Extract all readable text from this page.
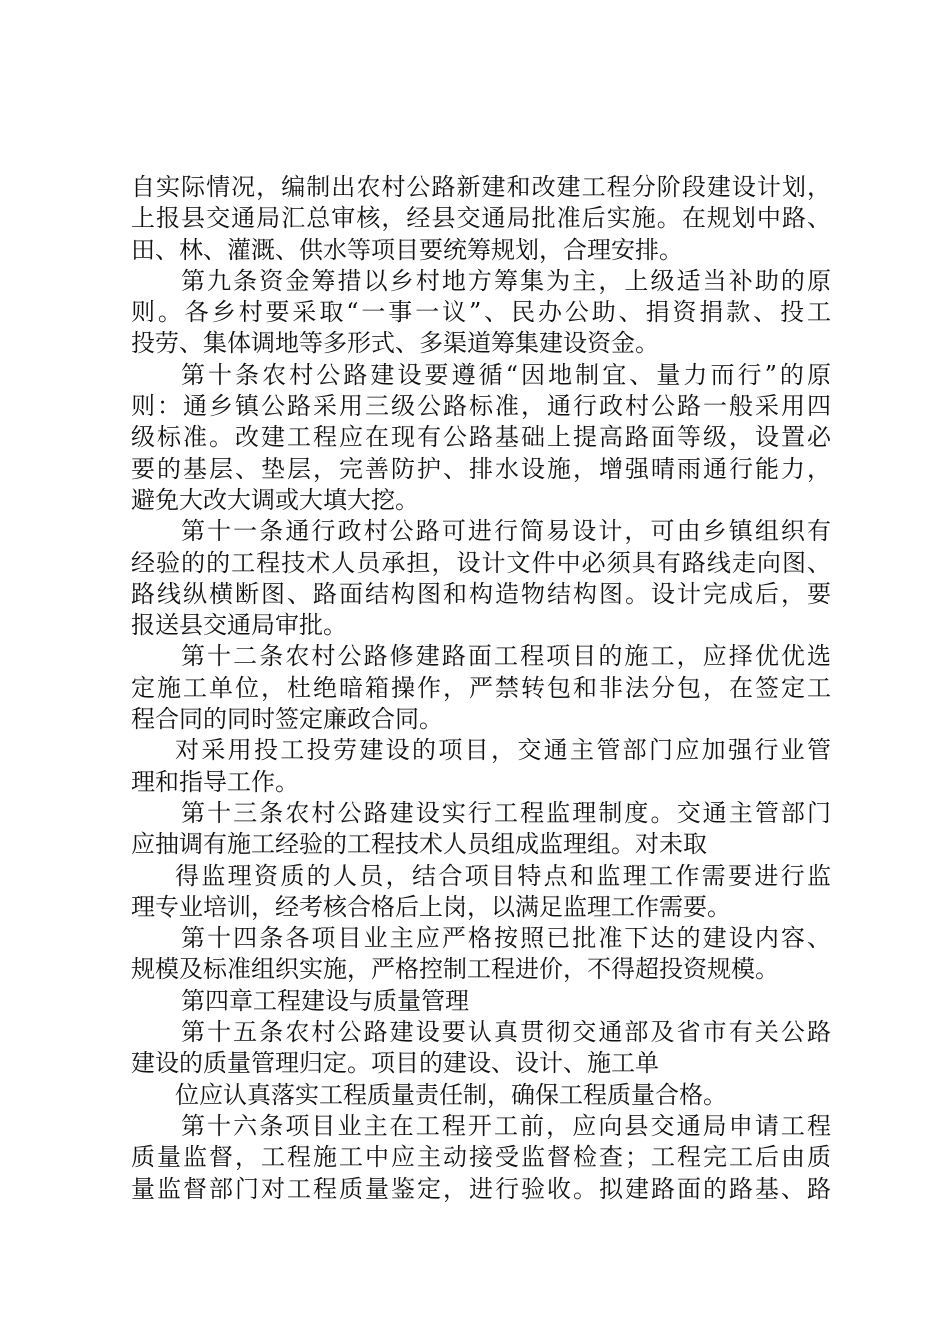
自实际情况，编制出农村公路新建和改建工程分阶段建设计划，
上报县交通局汇总审核，经县交通局批准后实施。在规划中路、
田、林、灌溉、供水等项目要统筹规划，合理安排。
第九条资金筹措以乡村地方筹集为主，上级适当补助的原
则。各乡村要采取“一事一议”、民办公助、捐资捐款、投工
投劳、集体调地等多形式、多渠道筹集建设资金。
第十条农村公路建设要遵循“因地制宜、量力而行”的原
则：通乡镇公路采用三级公路标准，通行政村公路一般采用四
级标准。改建工程应在现有公路基础上提高路面等级，设置必
要的基层、垫层，完善防护、排水设施，增强晴雨通行能力，
避免大改大调或大填大挖。
第十一条通行政村公路可进行简易设计，可由乡镇组织有
经验的的工程技术人员承担，设计文件中必须具有路线走向图、
路线纵横断图、路面结构图和构造物结构图。设计完成后，要
报送县交通局审批。
第十二条农村公路修建路面工程项目的施工，应择优优选
定施工单位，杜绝暗箱操作，严禁转包和非法分包，在签定工
程合同的同时签定廉政合同。
对采用投工投劳建设的项目，交通主管部门应加强行业管
理和指导工作。
第十三条农村公路建设实行工程监理制度。交通主管部门
应抽调有施工经验的工程技术人员组成监理组。对未取
得监理资质的人员，结合项目特点和监理工作需要进行监
理专业培训，经考核合格后上岗，以满足监理工作需要。
第十四条各项目业主应严格按照已批准下达的建设内容、
规模及标准组织实施，严格控制工程进价，不得超投资规模。
第四章工程建设与质量管理
第十五条农村公路建设要认真贯彻交通部及省市有关公路
建设的质量管理归定。项目的建设、设计、施工单
位应认真落实工程质量责任制，确保工程质量合格。
第十六条项目业主在工程开工前，应向县交通局申请工程
质量监督，工程施工中应主动接受监督检查；工程完工后由质
量监督部门对工程质量鉴定，进行验收。拟建路面的路基、路
